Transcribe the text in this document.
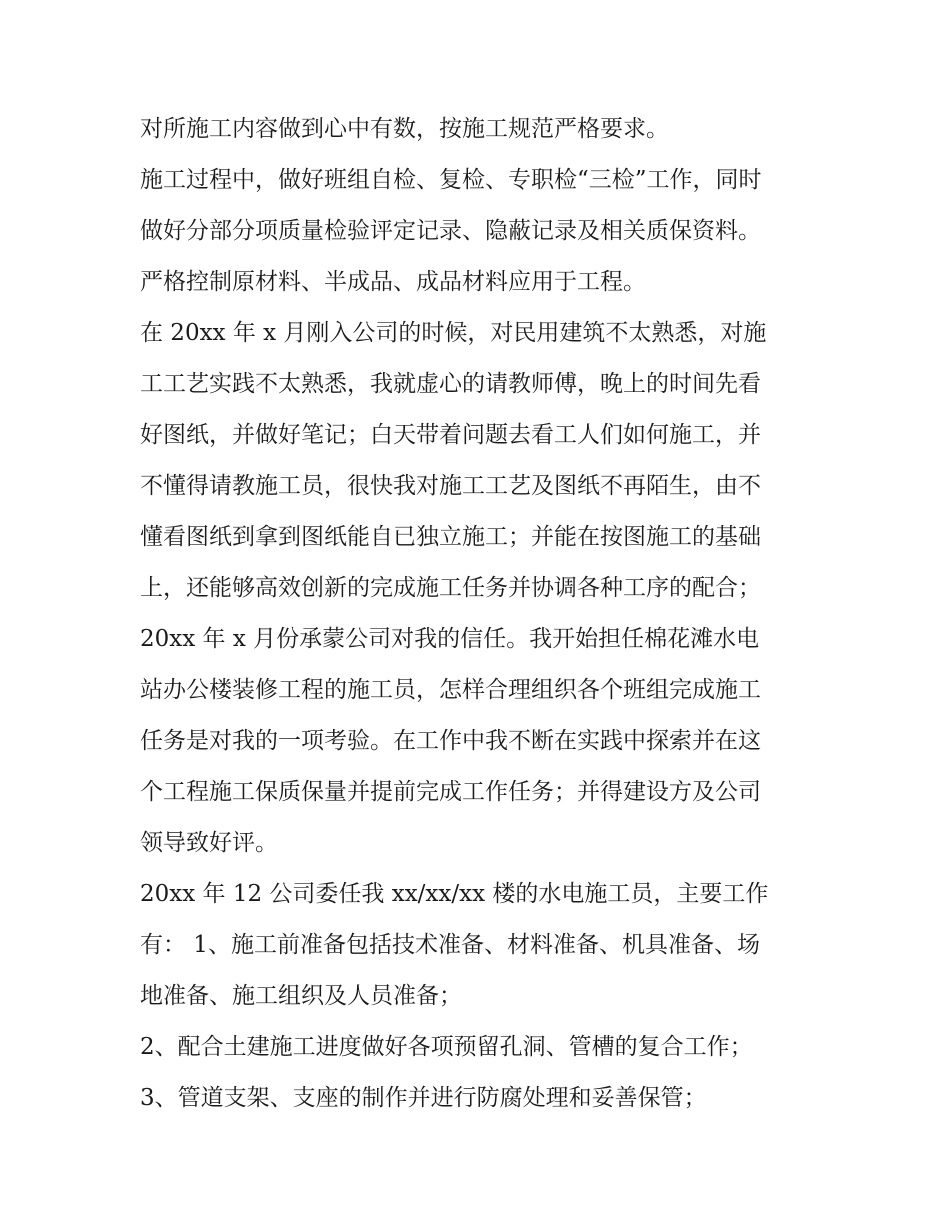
对所施工内容做到心中有数，按施工规范严格要求。
施工过程中，做好班组自检、复检、专职检“三检”工作，同时
做好分部分项质量检验评定记录、隐蔽记录及相关质保资料。
严格控制原材料、半成品、成品材料应用于工程。
在 20xx 年 x 月刚入公司的时候，对民用建筑不太熟悉，对施
工工艺实践不太熟悉，我就虚心的请教师傅，晚上的时间先看
好图纸，并做好笔记；白天带着问题去看工人们如何施工，并
不懂得请教施工员，很快我对施工工艺及图纸不再陌生，由不
懂看图纸到拿到图纸能自已独立施工；并能在按图施工的基础
上，还能够高效创新的完成施工任务并协调各种工序的配合；
20xx 年 x 月份承蒙公司对我的信任。我开始担任棉花滩水电
站办公楼装修工程的施工员，怎样合理组织各个班组完成施工
任务是对我的一项考验。在工作中我不断在实践中探索并在这
个工程施工保质保量并提前完成工作任务；并得建设方及公司
领导致好评。
20xx 年 12 公司委任我 xx/xx/xx 楼的水电施工员，主要工作
有： 1、施工前准备包括技术准备、材料准备、机具准备、场
地准备、施工组织及人员准备；
2、配合土建施工进度做好各项预留孔洞、管槽的复合工作；
3、管道支架、支座的制作并进行防腐处理和妥善保管；
